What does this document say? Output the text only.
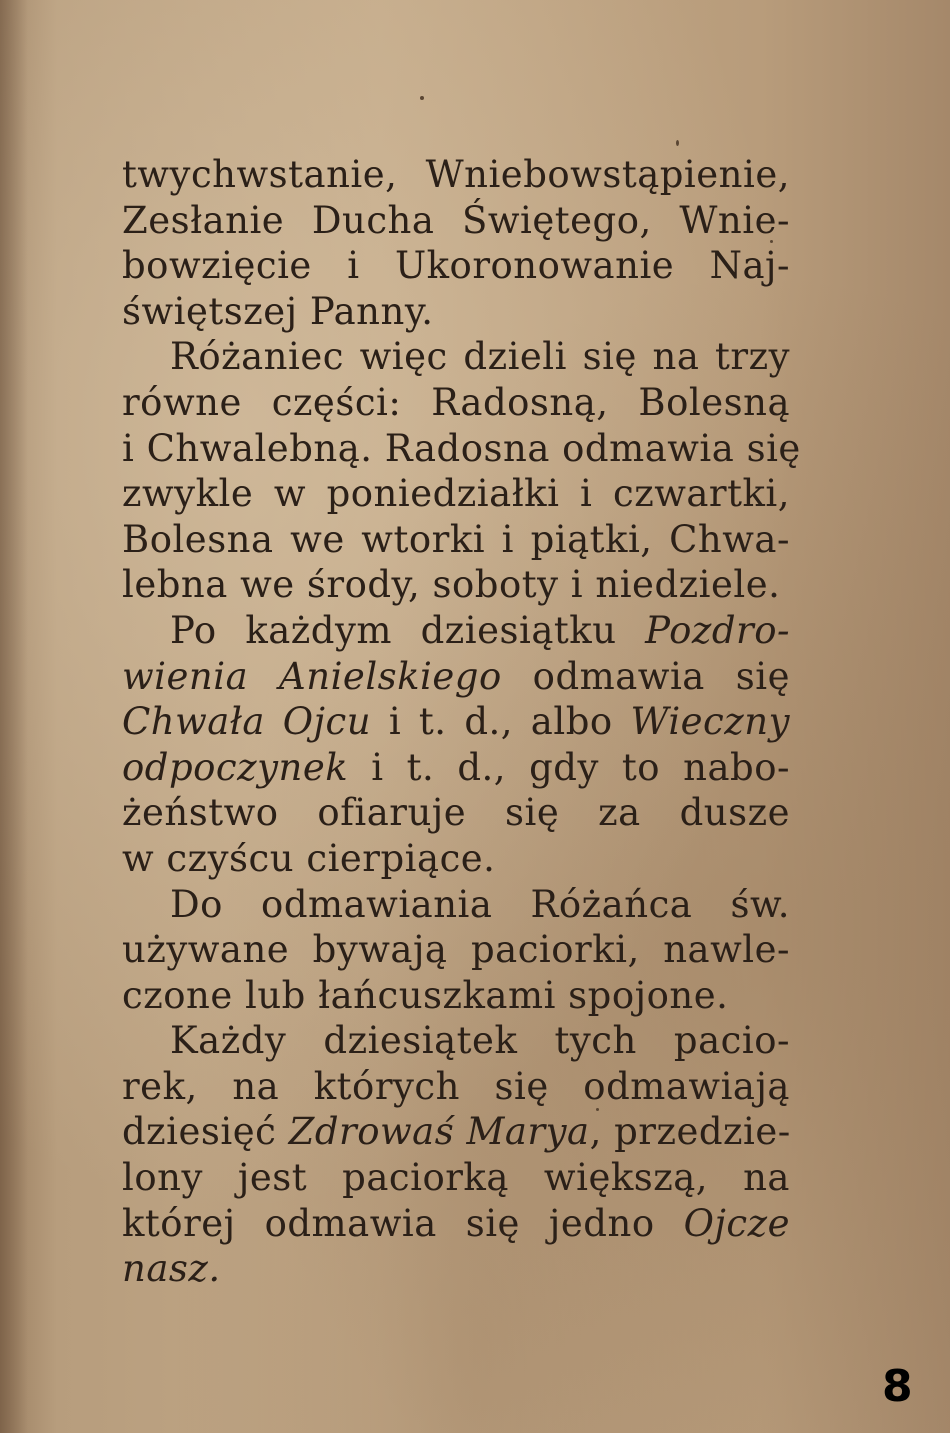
twychwstanie, Wniebowstąpienie,
Zesłanie Ducha Świętego, Wnie-
bowzięcie i Ukoronowanie Naj-
świętszej Panny.
Różaniec więc dzieli się na trzy
równe części: Radosną, Bolesną
i Chwalebną. Radosna odmawia się
zwykle w poniedziałki i czwartki,
Bolesna we wtorki i piątki, Chwa-
lebna we środy, soboty i niedziele.
Po każdym dziesiątku Pozdro-
wienia Anielskiego odmawia się
Chwała Ojcu i t. d., albo Wieczny
odpoczynek i t. d., gdy to nabo-
żeństwo ofiaruje się za dusze
w czyścu cierpiące.
Do odmawiania Różańca św.
używane bywają paciorki, nawle-
czone lub łańcuszkami spojone.
Każdy dziesiątek tych pacio-
rek, na których się odmawiają
dziesięć Zdrowaś Marya, przedzie-
lony jest paciorką większą, na
której odmawia się jedno Ojcze
nasz.
8
